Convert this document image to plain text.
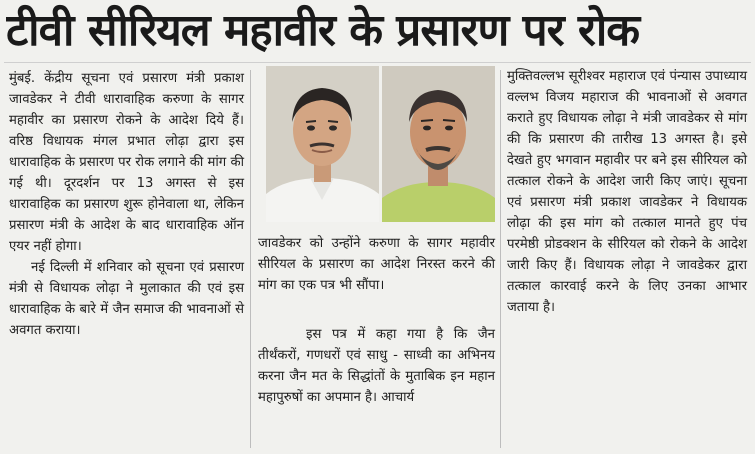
टीवी सीरियल महावीर के प्रसारण पर रोक

मुंबई. केंद्रीय सूचना एवं प्रसारण मंत्री प्रकाश जावडेकर ने टीवी धारावाहिक करुणा के सागर महावीर का प्रसारण रोकने के आदेश दिये हैं। वरिष्ठ विधायक मंगल प्रभात लोढ़ा द्वारा इस धारावाहिक के प्रसारण पर रोक लगाने की मांग की गई थी। दूरदर्शन पर 13 अगस्त से इस धारावाहिक का प्रसारण शुरू होनेवाला था, लेकिन प्रसारण मंत्री के आदेश के बाद धारावाहिक ऑन एयर नहीं होगा।

नई दिल्ली में शनिवार को सूचना एवं प्रसारण मंत्री से विधायक लोढ़ा ने मुलाकात की एवं इस धारावाहिक के बारे में जैन समाज की भावनाओं से अवगत कराया।

जावडेकर को उन्होंने करुणा के सागर महावीर सीरियल के प्रसारण का आदेश निरस्त करने की मांग का एक पत्र भी सौंपा।

इस पत्र में कहा गया है कि जैन तीर्थंकरों, गणधरों एवं साधु - साध्वी का अभिनय करना जैन मत के सिद्धांतों के मुताबिक इन महान महापुरुषों का अपमान है। आचार्य

मुक्तिवल्लभ सूरीश्वर महाराज एवं पंन्यास उपाध्याय वल्लभ विजय महाराज की भावनाओं से अवगत कराते हुए विधायक लोढ़ा ने मंत्री जावडेकर से मांग की कि प्रसारण की तारीख 13 अगस्त है। इसे देखते हुए भगवान महावीर पर बने इस सीरियल को तत्काल रोकने के आदेश जारी किए जाएं। सूचना एवं प्रसारण मंत्री प्रकाश जावडेकर ने विधायक लोढ़ा की इस मांग को तत्काल मानते हुए पंच परमेष्ठी प्रोडक्शन के सीरियल को रोकने के आदेश जारी किए हैं। विधायक लोढ़ा ने जावडेकर द्वारा तत्काल कारवाई करने के लिए उनका आभार जताया है।
